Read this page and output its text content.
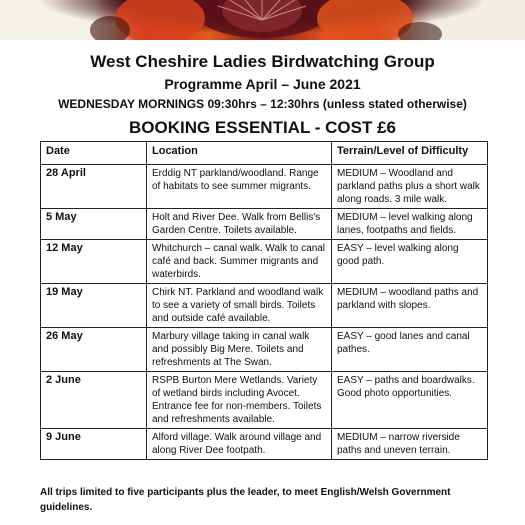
West Cheshire Ladies Birdwatching Group
Programme April – June 2021
WEDNESDAY MORNINGS 09:30hrs – 12:30hrs (unless stated otherwise)
BOOKING ESSENTIAL - COST £6
Date	Location	Terrain/Level of Difficulty
28 April	Erddig NT parkland/woodland. Range of habitats to see summer migrants.	MEDIUM – Woodland and parkland paths plus a short walk along roads. 3 mile walk.
5 May	Holt and River Dee. Walk from Bellis's Garden Centre. Toilets available.	MEDIUM – level walking along lanes, footpaths and fields.
12 May	Whitchurch – canal walk. Walk to canal café and back. Summer migrants and waterbirds.	EASY – level walking along good path.
19 May	Chirk NT. Parkland and woodland walk to see a variety of small birds. Toilets and outside café available.	MEDIUM – woodland paths and parkland with slopes.
26 May	Marbury village taking in canal walk and possibly Big Mere. Toilets and refreshments at The Swan.	EASY – good lanes and canal pathes.
2 June	RSPB Burton Mere Wetlands. Variety of wetland birds including Avocet. Entrance fee for non-members. Toilets and refreshments available.	EASY – paths and boardwalks. Good photo opportunities.
9 June	Alford village. Walk around village and along River Dee footpath.	MEDIUM – narrow riverside paths and uneven terrain.
All trips limited to five participants plus the leader, to meet English/Welsh Government guidelines.
